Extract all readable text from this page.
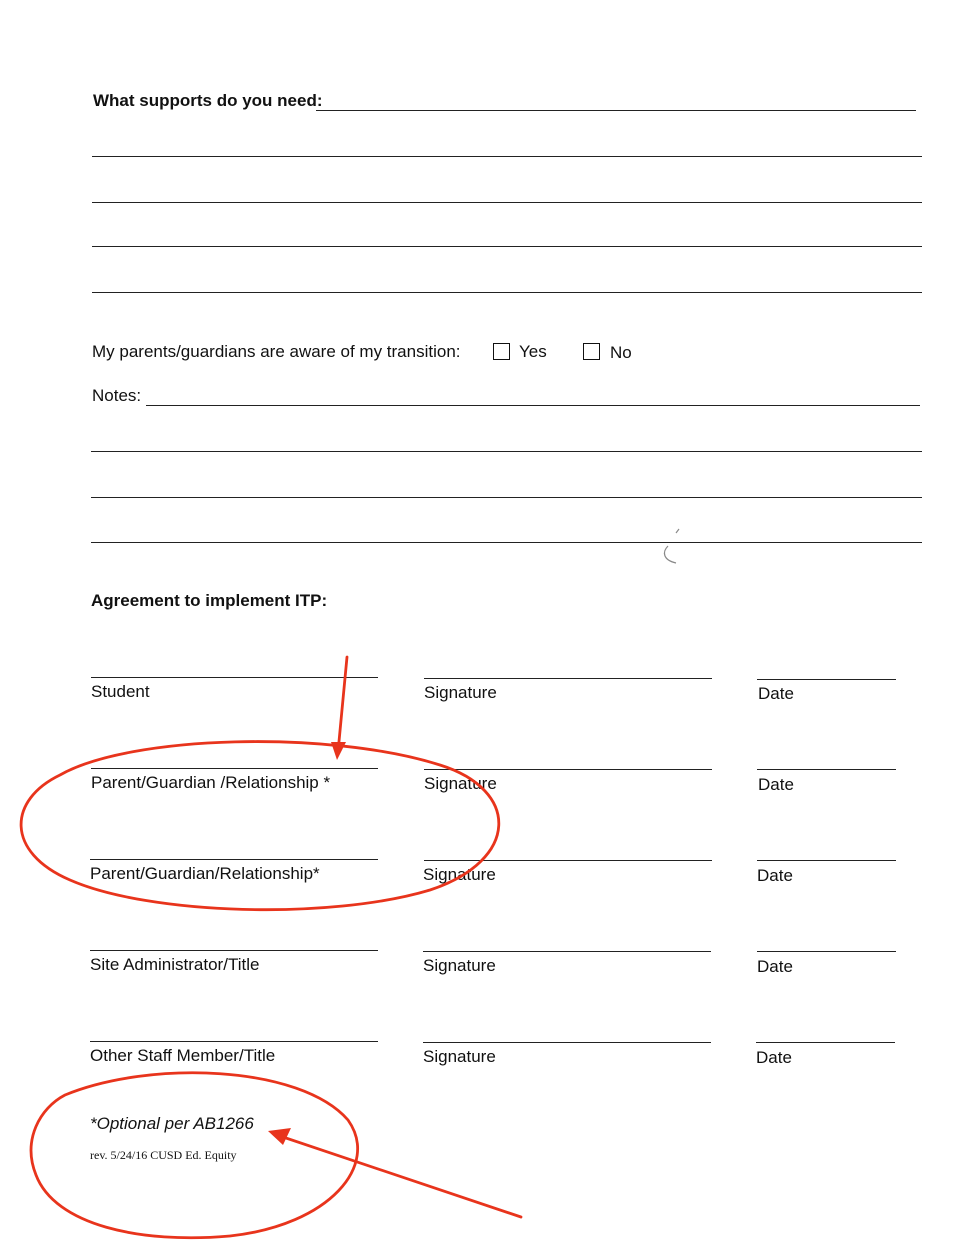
What supports do you need:
My parents/guardians are aware of my transition:	Yes	No
Notes:
Agreement to implement ITP:
Student	Signature	Date
Parent/Guardian /Relationship *	Signature	Date
Parent/Guardian/Relationship*	Signature	Date
Site Administrator/Title	Signature	Date
Other Staff Member/Title	Signature	Date
*Optional per AB1266
rev. 5/24/16 CUSD Ed. Equity
